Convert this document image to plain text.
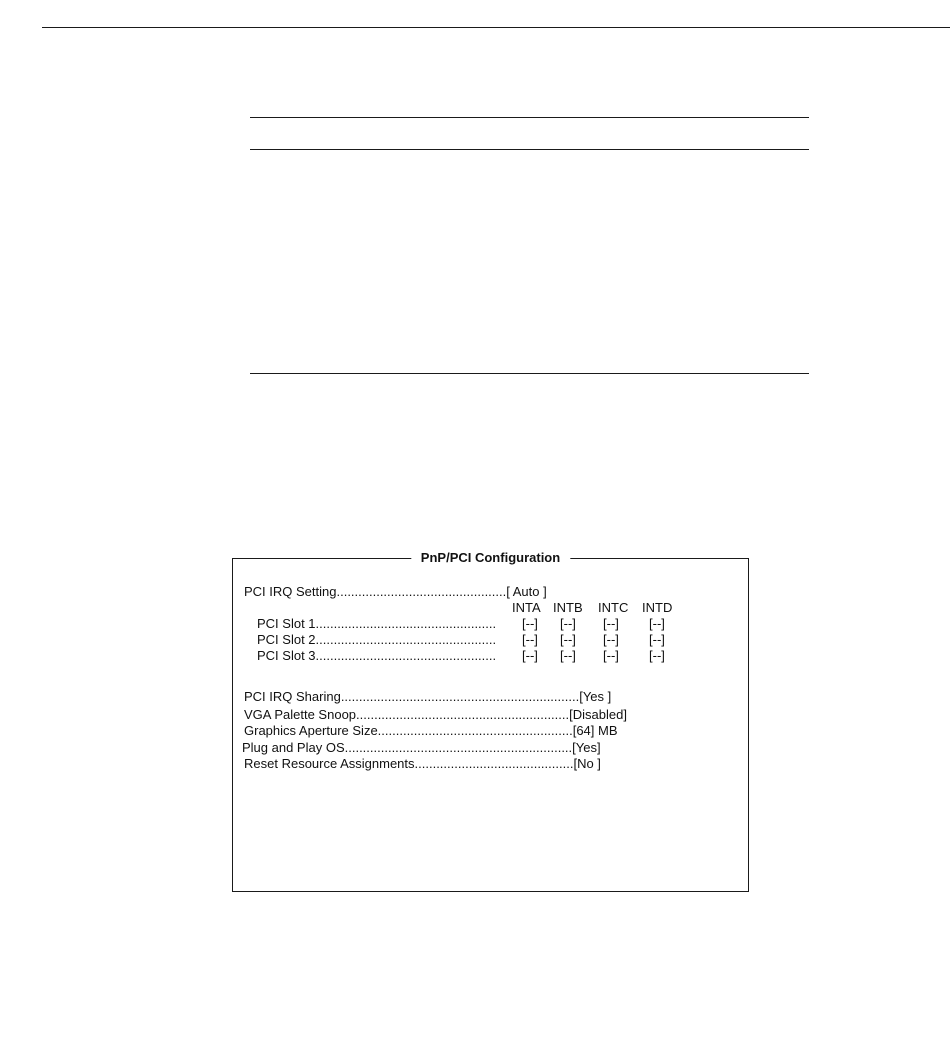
PnP/PCI Configuration
PCI IRQ Setting...............................................[ Auto ]
INTA INTB INTC INTD
PCI Slot 1.................................................. [--] [--] [--] [--]
PCI Slot 2.................................................. [--] [--] [--] [--]
PCI Slot 3.................................................. [--] [--] [--] [--]
PCI IRQ Sharing..................................................................[Yes ]
VGA Palette Snoop...........................................................[Disabled]
Graphics Aperture Size......................................................[64] MB
Plug and Play OS...............................................................[Yes]
Reset Resource Assignments............................................[No ]
